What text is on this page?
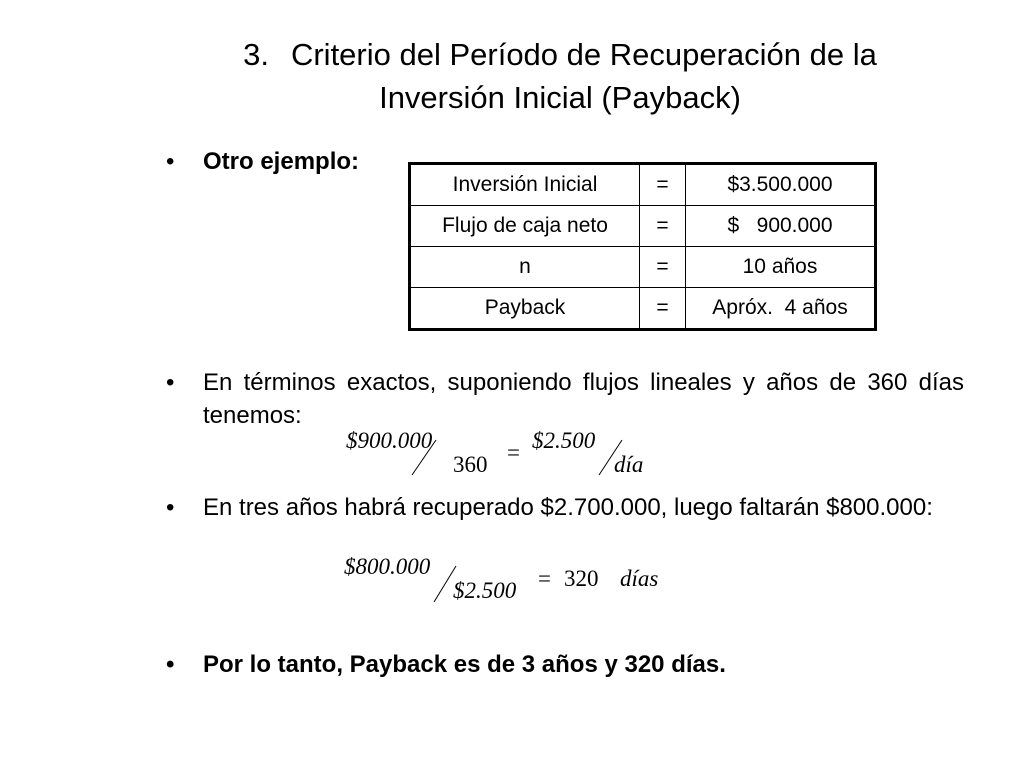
3. Criterio del Período de Recuperación de la
Inversión Inicial (Payback)
• Otro ejemplo:
Inversión Inicial	=	$3.500.000
Flujo de caja neto	=	$   900.000
n	=	10 años
Payback	=	Apróx.  4 años
• En términos exactos, suponiendo flujos lineales y años de 360 días tenemos:
$900.000
360 = $2.500
día
• En tres años habrá recuperado $2.700.000, luego faltarán $800.000:
$800.000
$2.500 = 320 días
• Por lo tanto, Payback es de 3 años y 320 días.
